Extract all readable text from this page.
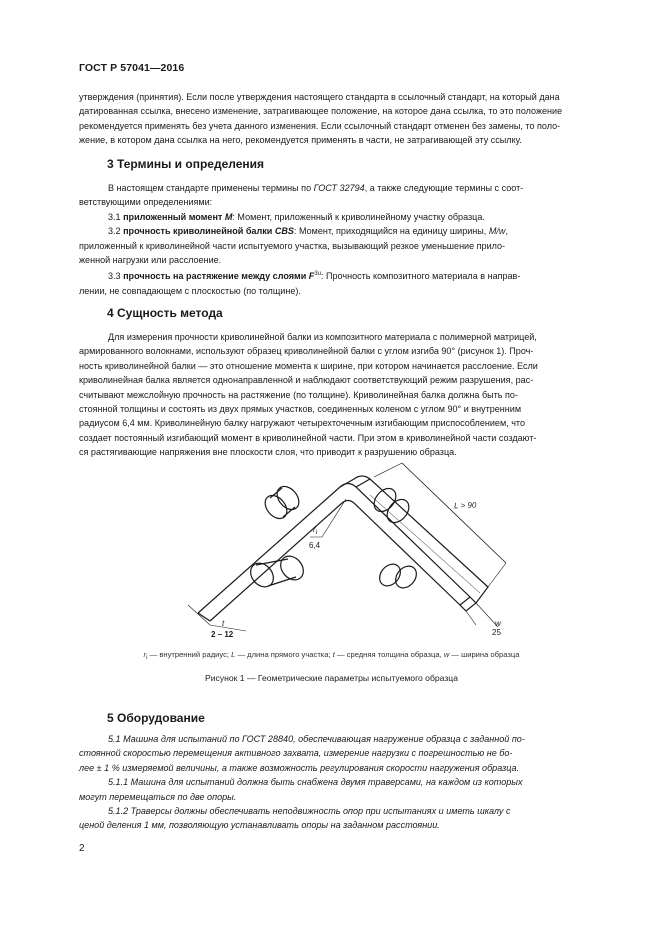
ГОСТ Р 57041—2016

утверждения (принятия). Если после утверждения настоящего стандарта в ссылочный стандарт, на который дана

датированная ссылка, внесено изменение, затрагивающее положение, на которое дана ссылка, то это положение

рекомендуется применять без учета данного изменения. Если ссылочный стандарт отменен без замены, то поло-

жение, в котором дана ссылка на него, рекомендуется применять в части, не затрагивающей эту ссылку.

3 Термины и определения

В настоящем стандарте применены термины по ГОСТ 32794, а также следующие термины с соот-

ветствующими определениями:

3.1 приложенный момент M: Момент, приложенный к криволинейному участку образца.

3.2 прочность криволинейной балки CBS: Момент, приходящийся на единицу ширины, M/w,

приложенный к криволинейной части испытуемого участка, вызывающий резкое уменьшение прило-

женной нагрузки или расслоение.

3.3 прочность на растяжение между слоями $F^{3u}$: Прочность композитного материала в направ-

лении, не совпадающем с плоскостью (по толщине).

4 Сущность метода

Для измерения прочности криволинейной балки из композитного материала с полимерной матрицей,

армированного волокнами, используют образец криволинейной балки с углом изгиба 90° (рисунок 1). Проч-

ность криволинейной балки — это отношение момента к ширине, при котором начинается расслоение. Если

криволинейная балка является однонаправленной и наблюдают соответствующий режим разрушения, рас-

считывают межслойную прочность на растяжение (по толщине). Криволинейная балка должна быть по-

стоянной толщины и состоять из двух прямых участков, соединенных коленом с углом 90° и внутренним

радиусом 6,4 мм. Криволинейную балку нагружают четырехточечным изгибающим приспособлением, что

создает постоянный изгибающий момент в криволинейной части. При этом в криволинейной части создают-

ся растягивающие напряжения вне плоскости слоя, что приводит к разрушению образца.

L > 90
$r_i$
6,4
t
2 – 12
w
25
$r_i$ — внутренний радиус; L — длина прямого участка; t — средняя толщина образца, w — ширина образца
Рисунок 1 — Геометрические параметры испытуемого образца
5 Оборудование

5.1 Машина для испытаний по ГОСТ 28840, обеспечивающая нагружение образца с заданной по-

стоянной скоростью перемещения активного захвата, измерение нагрузки с погрешностью не бо-

лее ± 1 % измеряемой величины, а также возможность регулирования скорости нагружения образца.

5.1.1 Машина для испытаний должна быть снабжена двумя траверсами, на каждом из которых

могут перемещаться по две опоры.

5.1.2 Траверсы должны обеспечивать неподвижность опор при испытаниях и иметь шкалу с

ценой деления 1 мм, позволяющую устанавливать опоры на заданном расстоянии.

2
